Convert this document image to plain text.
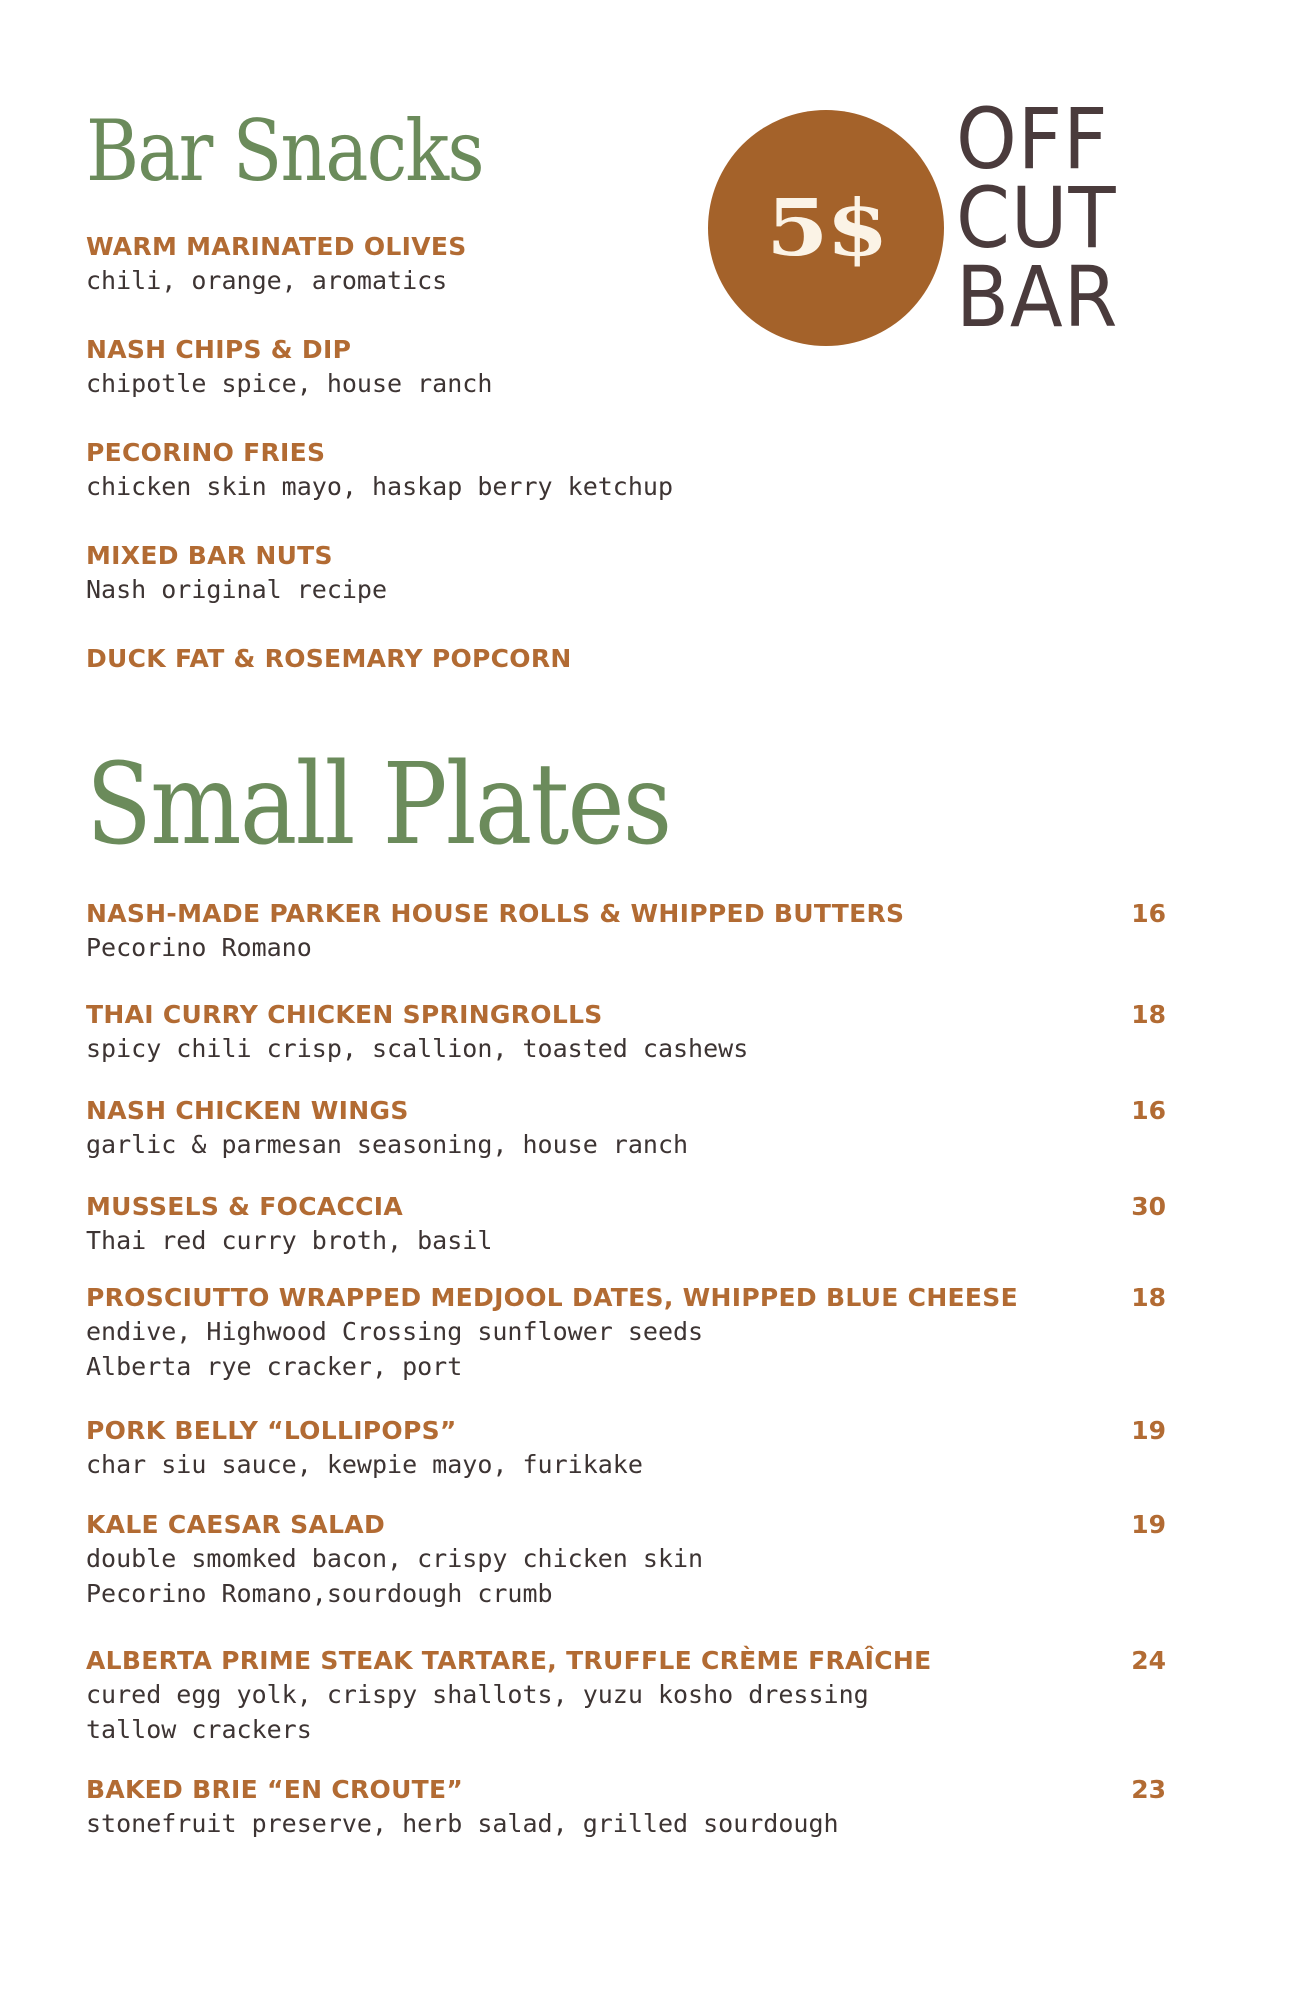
Bar Snacks
WARM MARINATED OLIVES
chili, orange, aromatics
NASH CHIPS & DIP
chipotle spice, house ranch
PECORINO FRIES
chicken skin mayo, haskap berry ketchup
MIXED BAR NUTS
Nash original recipe
DUCK FAT & ROSEMARY POPCORN
5$
OFF
CUT
BAR
Small Plates
NASH-MADE PARKER HOUSE ROLLS & WHIPPED BUTTERS	16
Pecorino Romano
THAI CURRY CHICKEN SPRINGROLLS	18
spicy chili crisp, scallion, toasted cashews
NASH CHICKEN WINGS	16
garlic & parmesan seasoning, house ranch
MUSSELS & FOCACCIA	30
Thai red curry broth, basil
PROSCIUTTO WRAPPED MEDJOOL DATES, WHIPPED BLUE CHEESE	18
endive, Highwood Crossing sunflower seeds
Alberta rye cracker, port
PORK BELLY “LOLLIPOPS”	19
char siu sauce, kewpie mayo, furikake
KALE CAESAR SALAD	19
double smomked bacon, crispy chicken skin
Pecorino Romano,sourdough crumb
ALBERTA PRIME STEAK TARTARE, TRUFFLE CRÈME FRAÎCHE	24
cured egg yolk, crispy shallots, yuzu kosho dressing
tallow crackers
BAKED BRIE “EN CROUTE”	23
stonefruit preserve, herb salad, grilled sourdough
